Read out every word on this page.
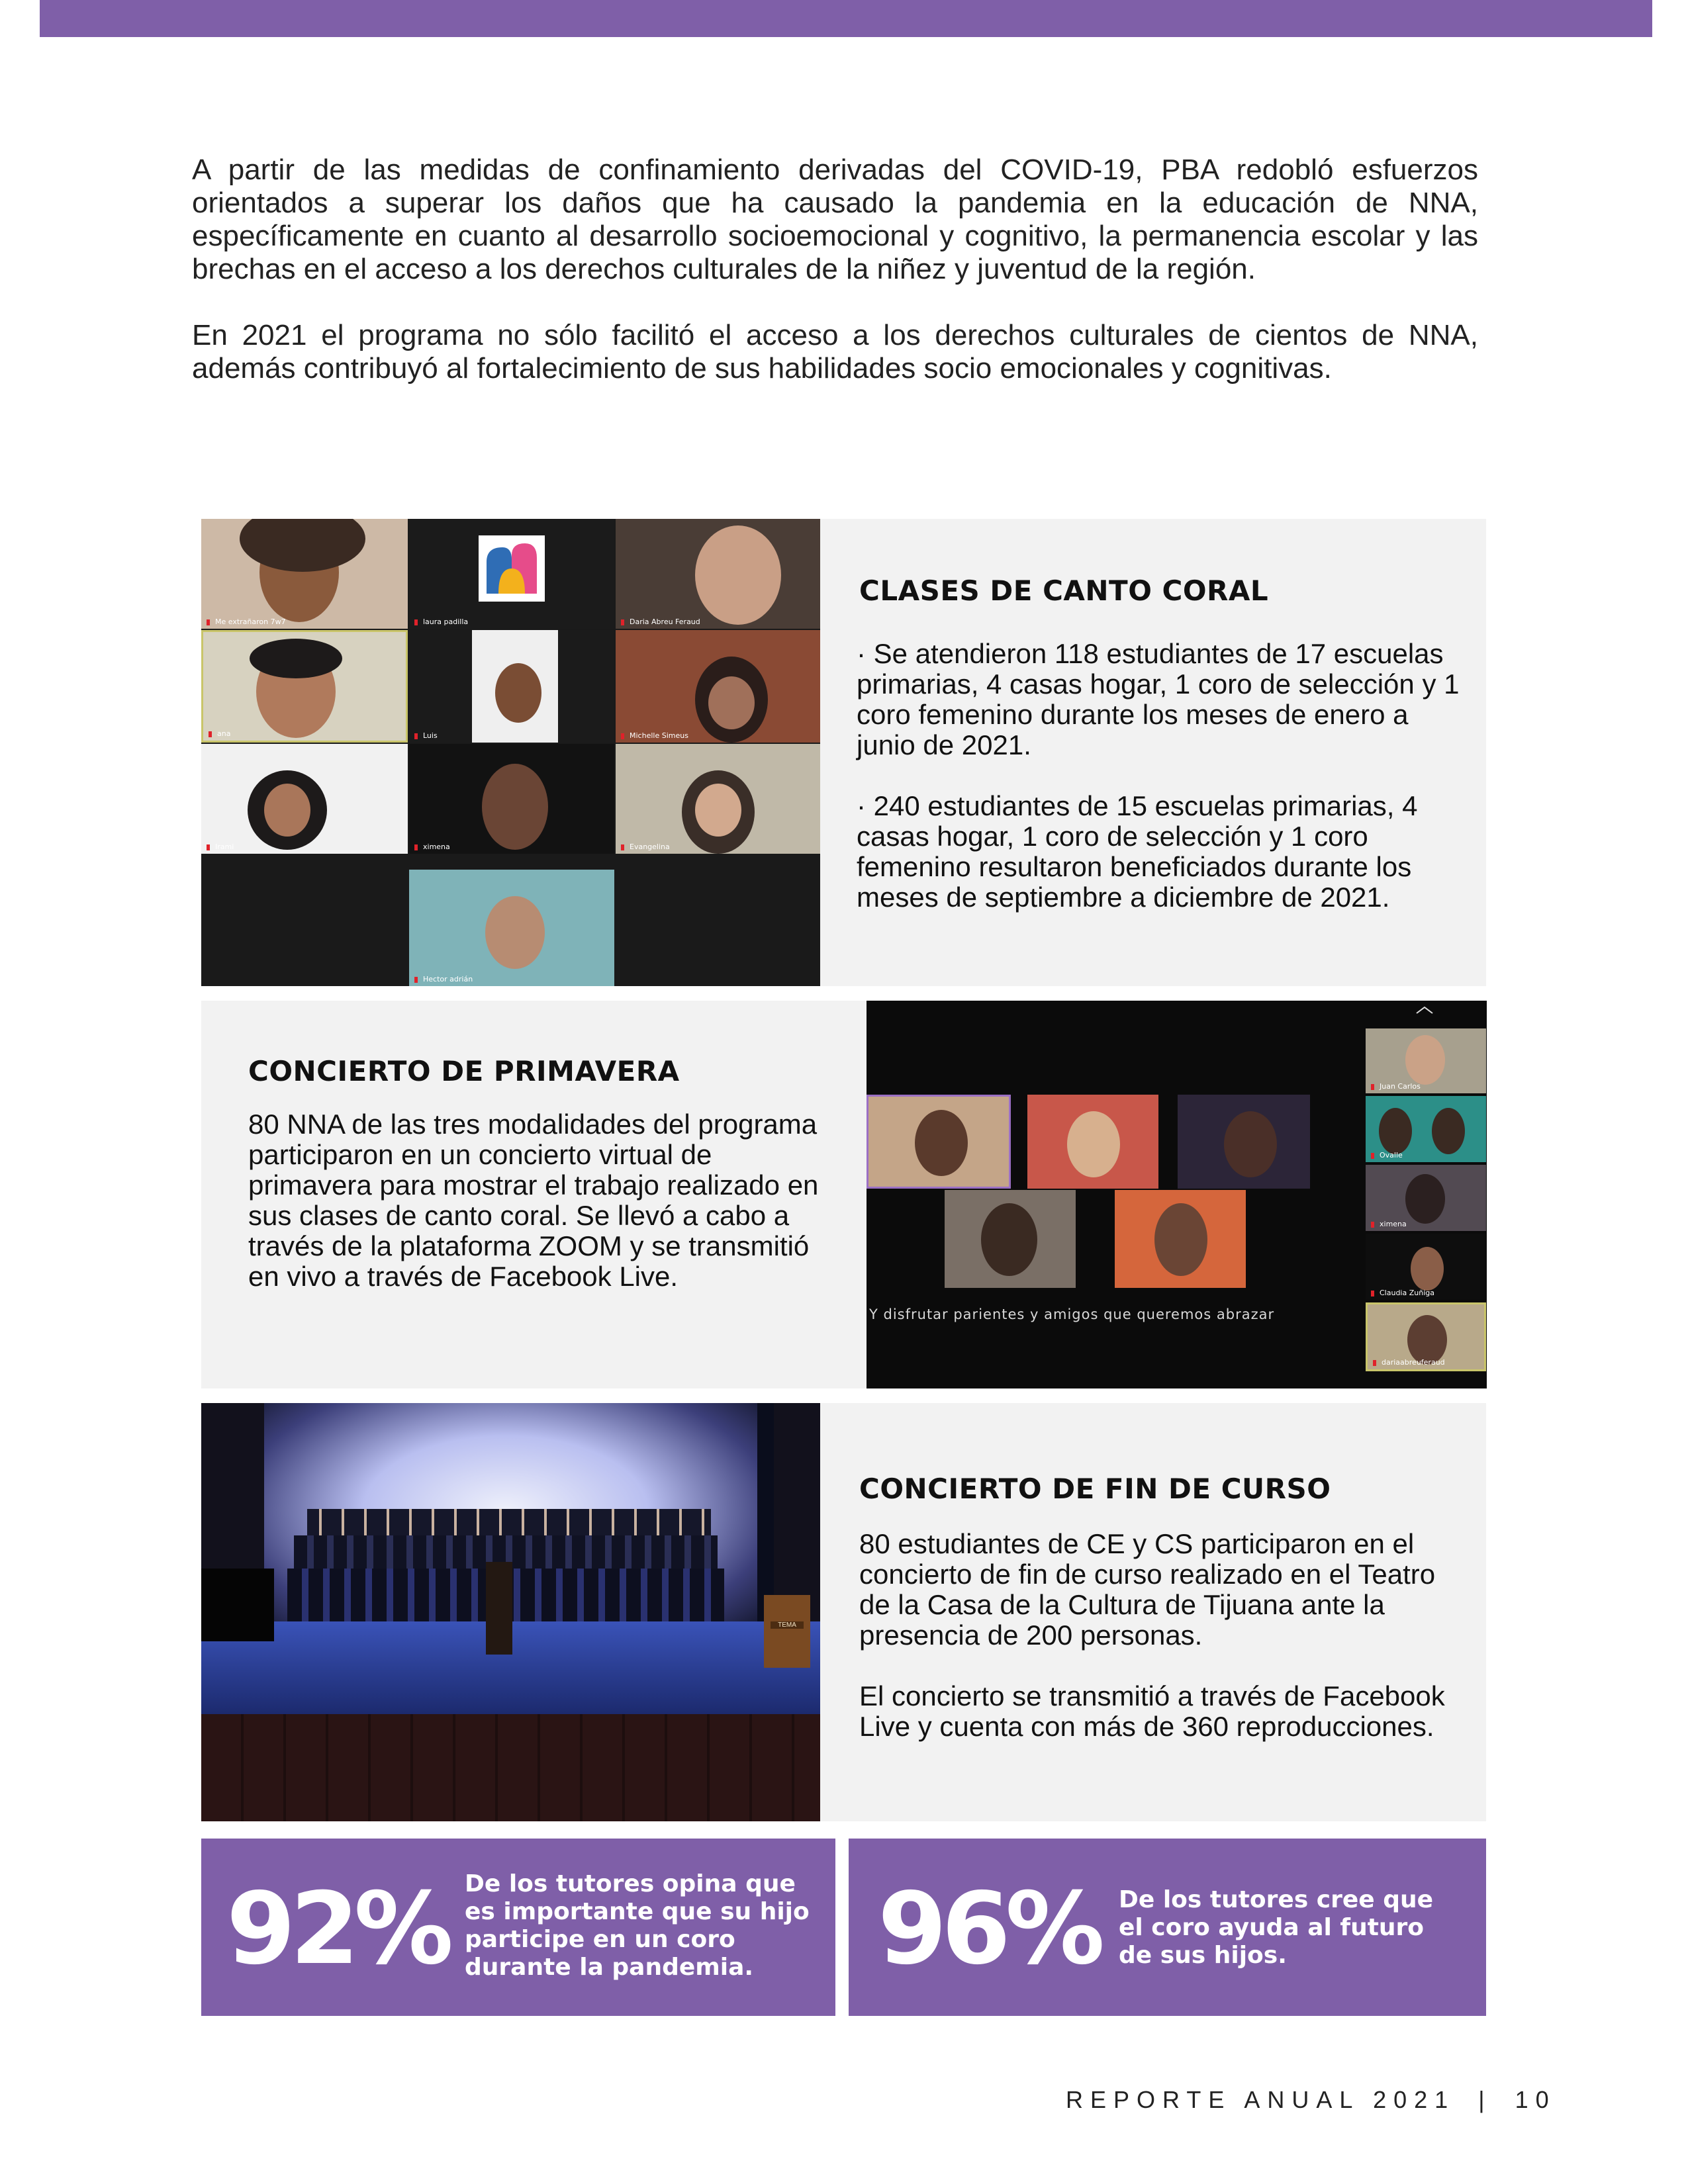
A partir de las medidas de confinamiento derivadas del COVID-19, PBA redobló esfuerzos orientados a superar los daños que ha causado la pandemia en la educación de NNA, específicamente en cuanto al desarrollo socioemocional y cognitivo, la permanencia escolar y las brechas en el acceso a los derechos culturales de la niñez y juventud de la región.

En 2021 el programa no sólo facilitó el acceso a los derechos culturales de cientos de NNA, además contribuyó al fortalecimiento de sus habilidades socio emocionales y cognitivas.

Me extrañaron 7w7	laura padilla	Daria Abreu Feraud
ana	Luis	Michelle Simeus
Irami	ximena	Evangelina
Hector adrián
CLASES DE CANTO CORAL

· Se atendieron 118 estudiantes de 17 escuelas primarias, 4 casas hogar, 1 coro de selección y 1 coro femenino durante los meses de enero a junio de 2021.

· 240 estudiantes de 15 escuelas primarias, 4 casas hogar, 1 coro de selección y 1 coro femenino resultaron beneficiados durante los meses de septiembre a diciembre de 2021.

CONCIERTO DE PRIMAVERA
80 NNA de las tres modalidades del programa participaron en un concierto virtual de primavera para mostrar el trabajo realizado en sus clases de canto coral. Se llevó a cabo a través de la plataforma ZOOM y se transmitió en vivo a través de Facebook Live.
Y disfrutar parientes y amigos que queremos abrazar
Juan Carlos
Ovalle
ximena
Claudia Zuñiga
dariaabreuferaud
TEMA
CONCIERTO DE FIN DE CURSO

80 estudiantes de CE y CS participaron en el concierto de fin de curso realizado en el Teatro de la Casa de la Cultura de Tijuana ante la presencia de 200 personas.

El concierto se transmitió a través de Facebook Live y cuenta con más de 360 reproducciones.

92% De los tutores opina que es importante que su hijo participe en un coro durante la pandemia.	96% De los tutores cree que el coro ayuda al futuro de sus hijos.
REPORTE ANUAL 2021 | 10
